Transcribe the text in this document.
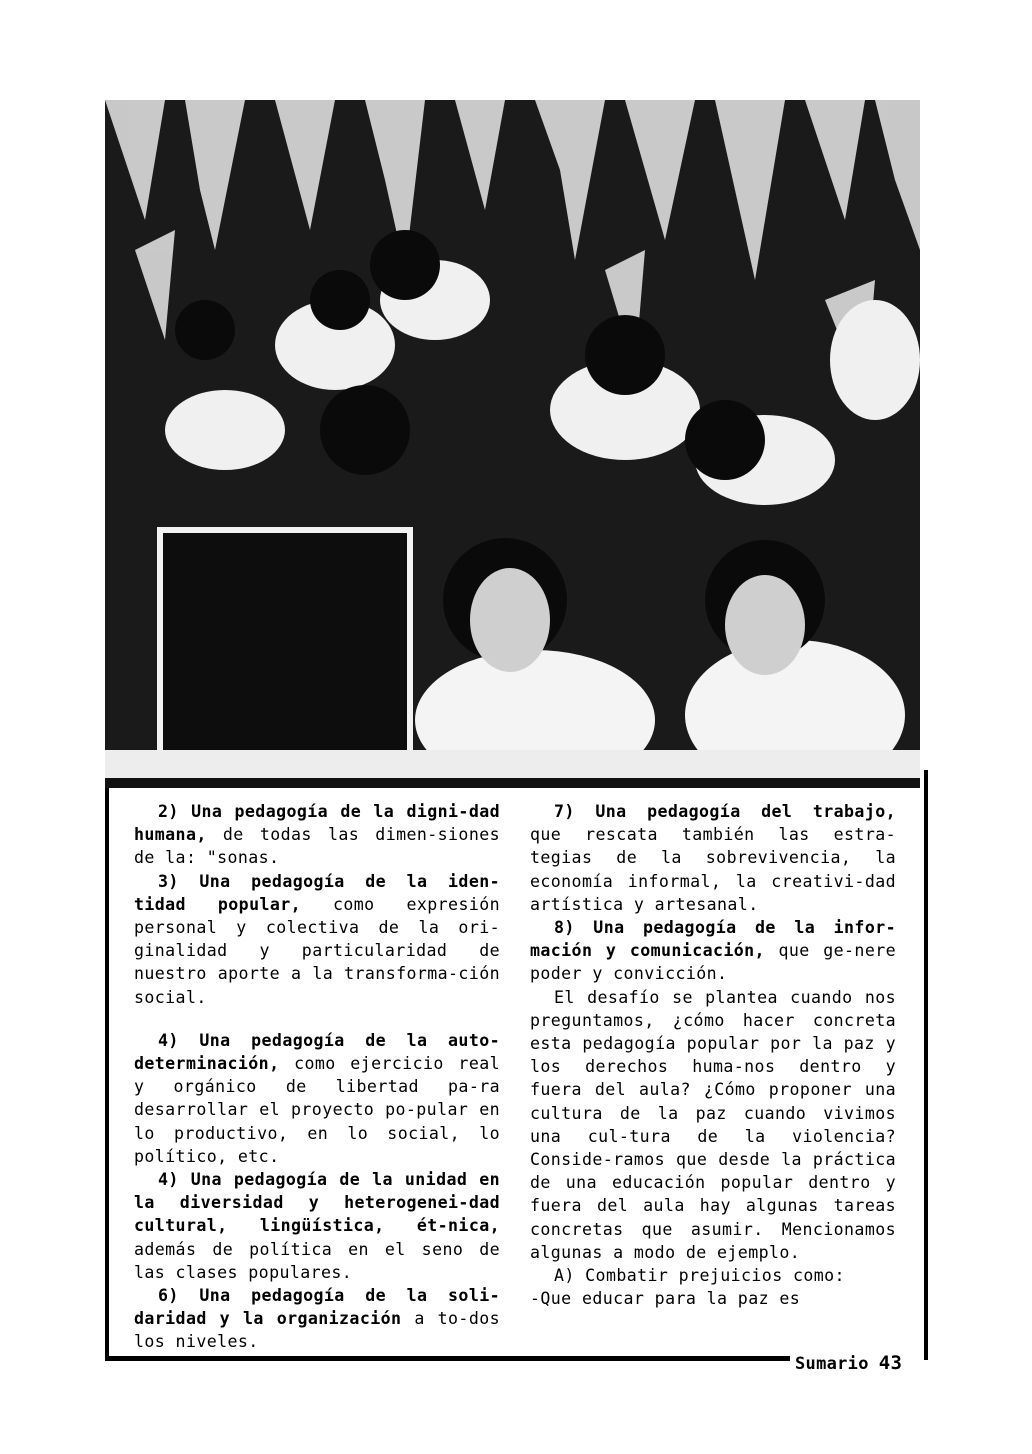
2) Una pedagogía de la digni-dad humana, de todas las dimen-siones de la: "sonas.

3) Una pedagogía de la iden-tidad popular, como expresión personal y colectiva de la ori-ginalidad y particularidad de nuestro aporte a la transforma-ción social.

4) Una pedagogía de la auto-determinación, como ejercicio real y orgánico de libertad pa-ra desarrollar el proyecto po-pular en lo productivo, en lo social, lo político, etc.

4) Una pedagogía de la unidad en la diversidad y heterogenei-dad cultural, lingüística, ét-nica, además de política en el seno de las clases populares.

6) Una pedagogía de la soli-daridad y la organización a to-dos los niveles.

7) Una pedagogía del trabajo, que rescata también las estra-tegias de la sobrevivencia, la economía informal, la creativi-dad artística y artesanal.

8) Una pedagogía de la infor-mación y comunicación, que ge-nere poder y convicción.

El desafío se plantea cuando nos preguntamos, ¿cómo hacer concreta esta pedagogía popular por la paz y los derechos huma-nos dentro y fuera del aula? ¿Cómo proponer una cultura de la paz cuando vivimos una cul-tura de la violencia? Conside-ramos que desde la práctica de una educación popular dentro y fuera del aula hay algunas tareas concretas que asumir. Mencionamos algunas a modo de ejemplo.

A) Combatir prejuicios como:

-Que educar para la paz es

Sumario 43
